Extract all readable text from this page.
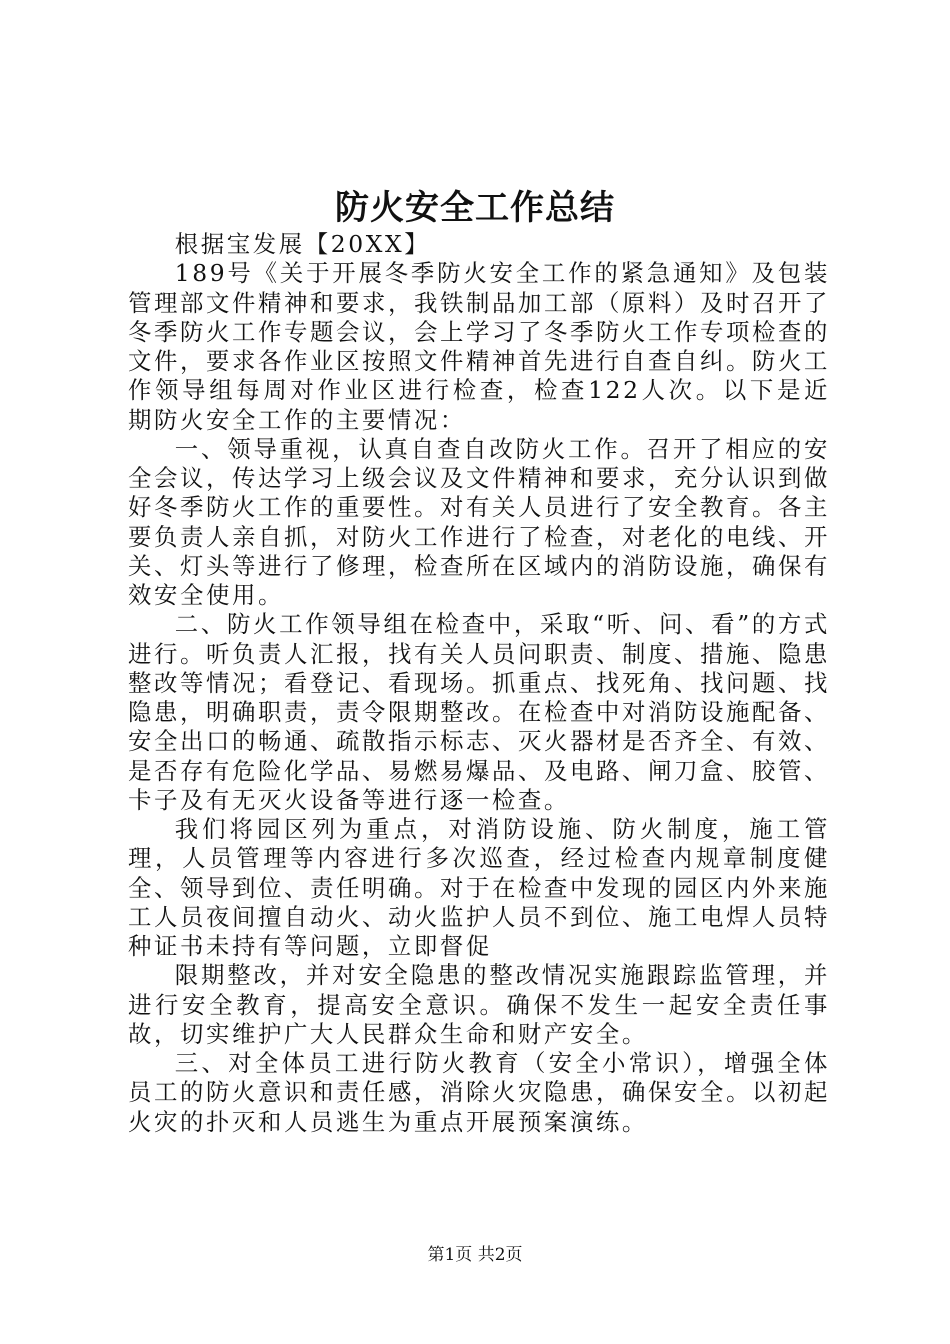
防火安全工作总结

根据宝发展【20XX】

189号《关于开展冬季防火安全工作的紧急通知》及包装管理部文件精神和要求，我铁制品加工部（原料）及时召开了冬季防火工作专题会议，会上学习了冬季防火工作专项检查的文件，要求各作业区按照文件精神首先进行自查自纠。防火工作领导组每周对作业区进行检查，检查122人次。以下是近期防火安全工作的主要情况：

一、领导重视，认真自查自改防火工作。召开了相应的安全会议，传达学习上级会议及文件精神和要求，充分认识到做好冬季防火工作的重要性。对有关人员进行了安全教育。各主要负责人亲自抓，对防火工作进行了检查，对老化的电线、开关、灯头等进行了修理，检查所在区域内的消防设施，确保有效安全使用。

二、防火工作领导组在检查中，采取“听、问、看”的方式进行。听负责人汇报，找有关人员问职责、制度、措施、隐患整改等情况；看登记、看现场。抓重点、找死角、找问题、找隐患，明确职责，责令限期整改。在检查中对消防设施配备、安全出口的畅通、疏散指示标志、灭火器材是否齐全、有效、是否存有危险化学品、易燃易爆品、及电路、闸刀盒、胶管、卡子及有无灭火设备等进行逐一检查。

我们将园区列为重点，对消防设施、防火制度，施工管理，人员管理等内容进行多次巡查，经过检查内规章制度健全、领导到位、责任明确。对于在检查中发现的园区内外来施工人员夜间擅自动火、动火监护人员不到位、施工电焊人员特种证书未持有等问题，立即督促

限期整改，并对安全隐患的整改情况实施跟踪监管理，并进行安全教育，提高安全意识。确保不发生一起安全责任事故，切实维护广大人民群众生命和财产安全。

三、对全体员工进行防火教育（安全小常识），增强全体员工的防火意识和责任感，消除火灾隐患，确保安全。以初起火灾的扑灭和人员逃生为重点开展预案演练。

第1页 共2页
